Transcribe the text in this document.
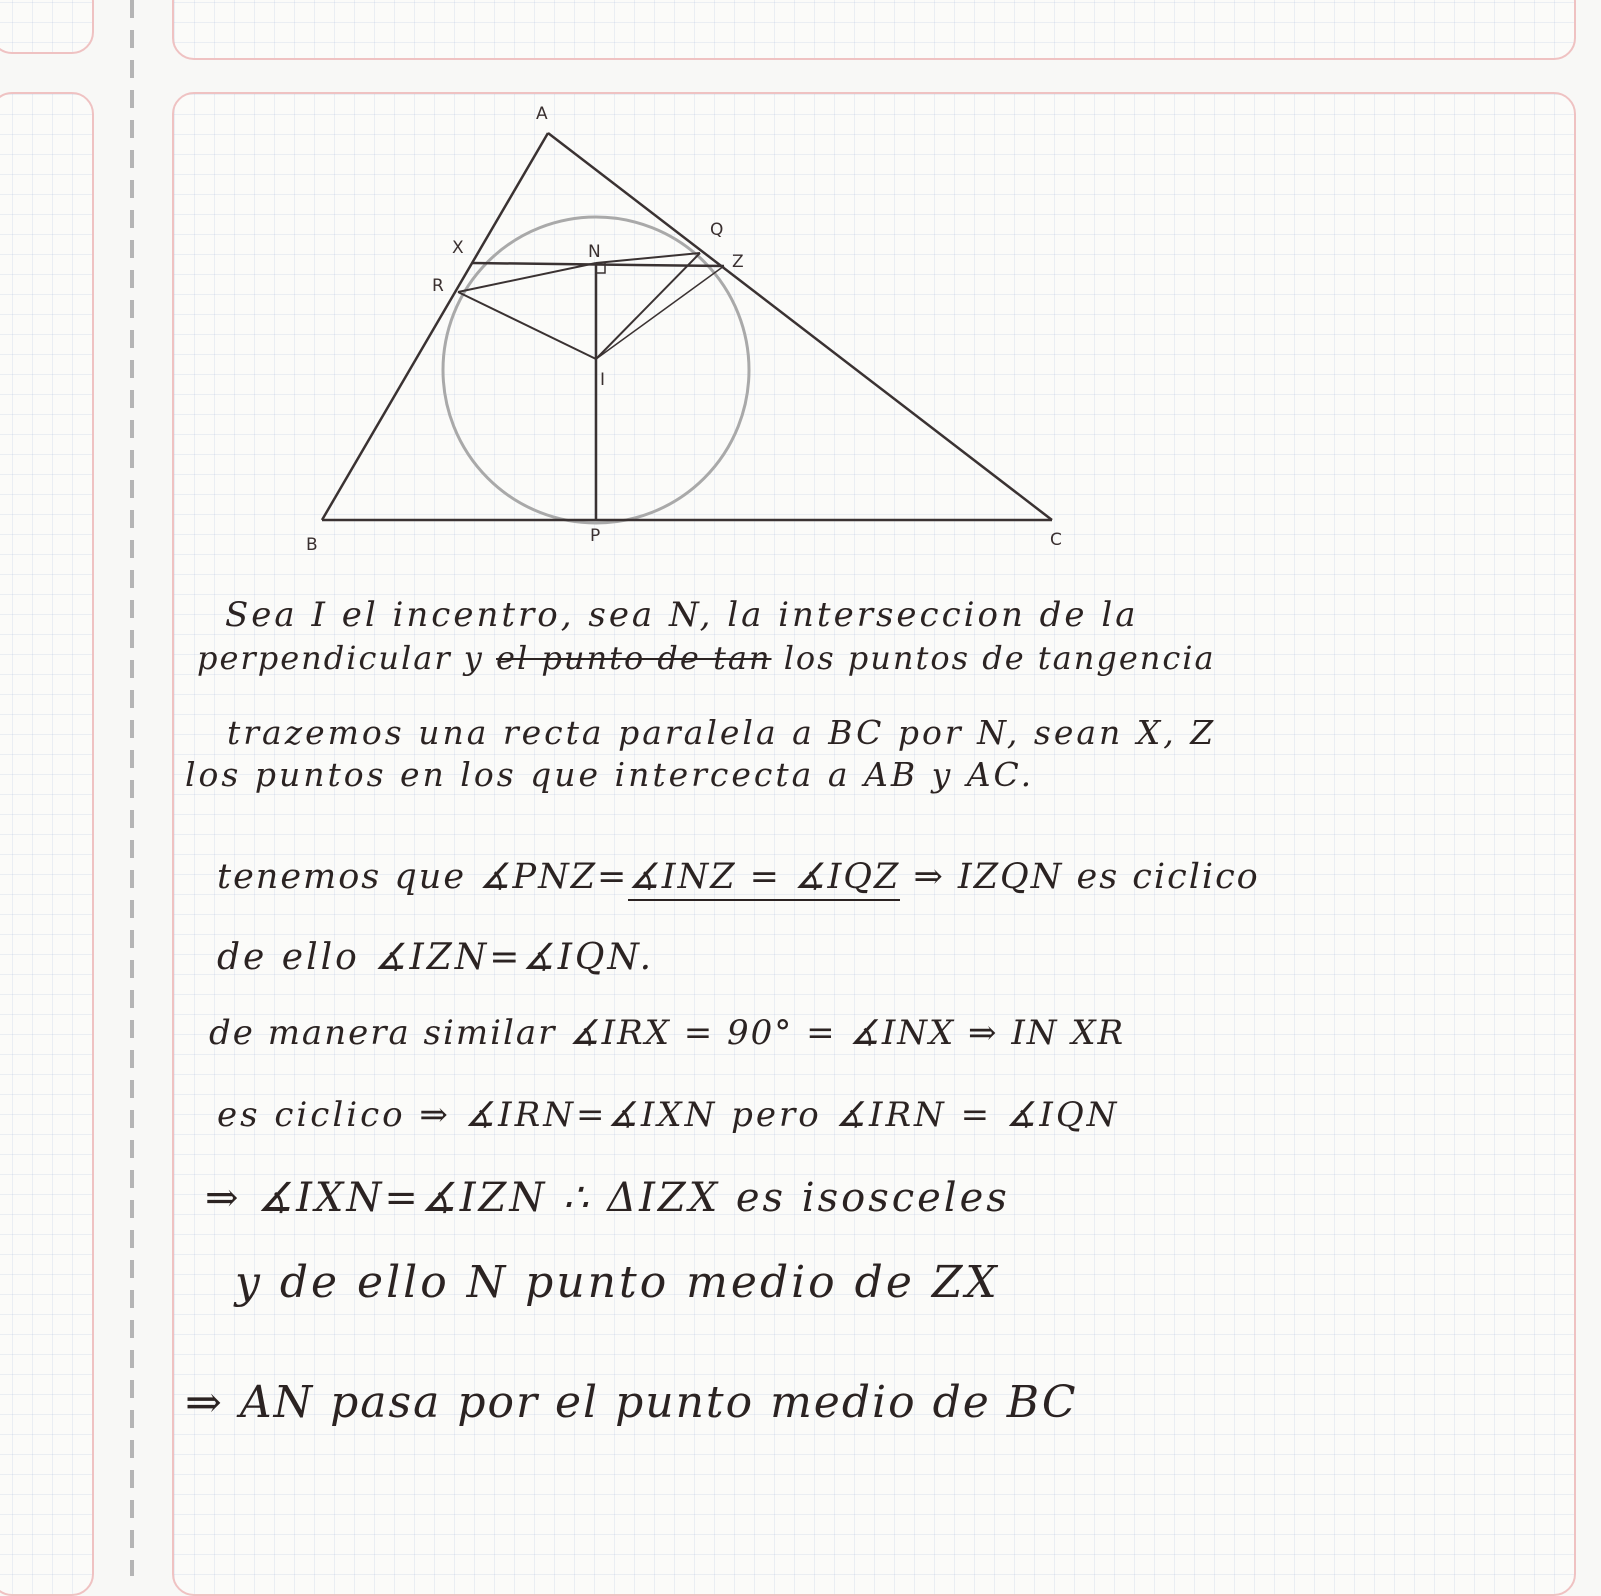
A
B	C
P
I
N
X
Z
Q
R
Sea I el incentro, sea N, la interseccion de la
perpendicular y el punto de tan los puntos de tangencia
trazemos una recta paralela a BC por N, sean X, Z
los puntos en los que intercecta a AB y AC.
tenemos que ∡PNZ=∡INZ = ∡IQZ ⇒ IZQN es ciclico
de ello ∡IZN=∡IQN.
de manera similar ∡IRX = 90° = ∡INX ⇒ IN XR
es ciclico ⇒ ∡IRN=∡IXN pero ∡IRN = ∡IQN
⇒ ∡IXN=∡IZN ∴ ΔIZX es isosceles
y de ello N punto medio de ZX
⇒ AN pasa por el punto medio de BC
